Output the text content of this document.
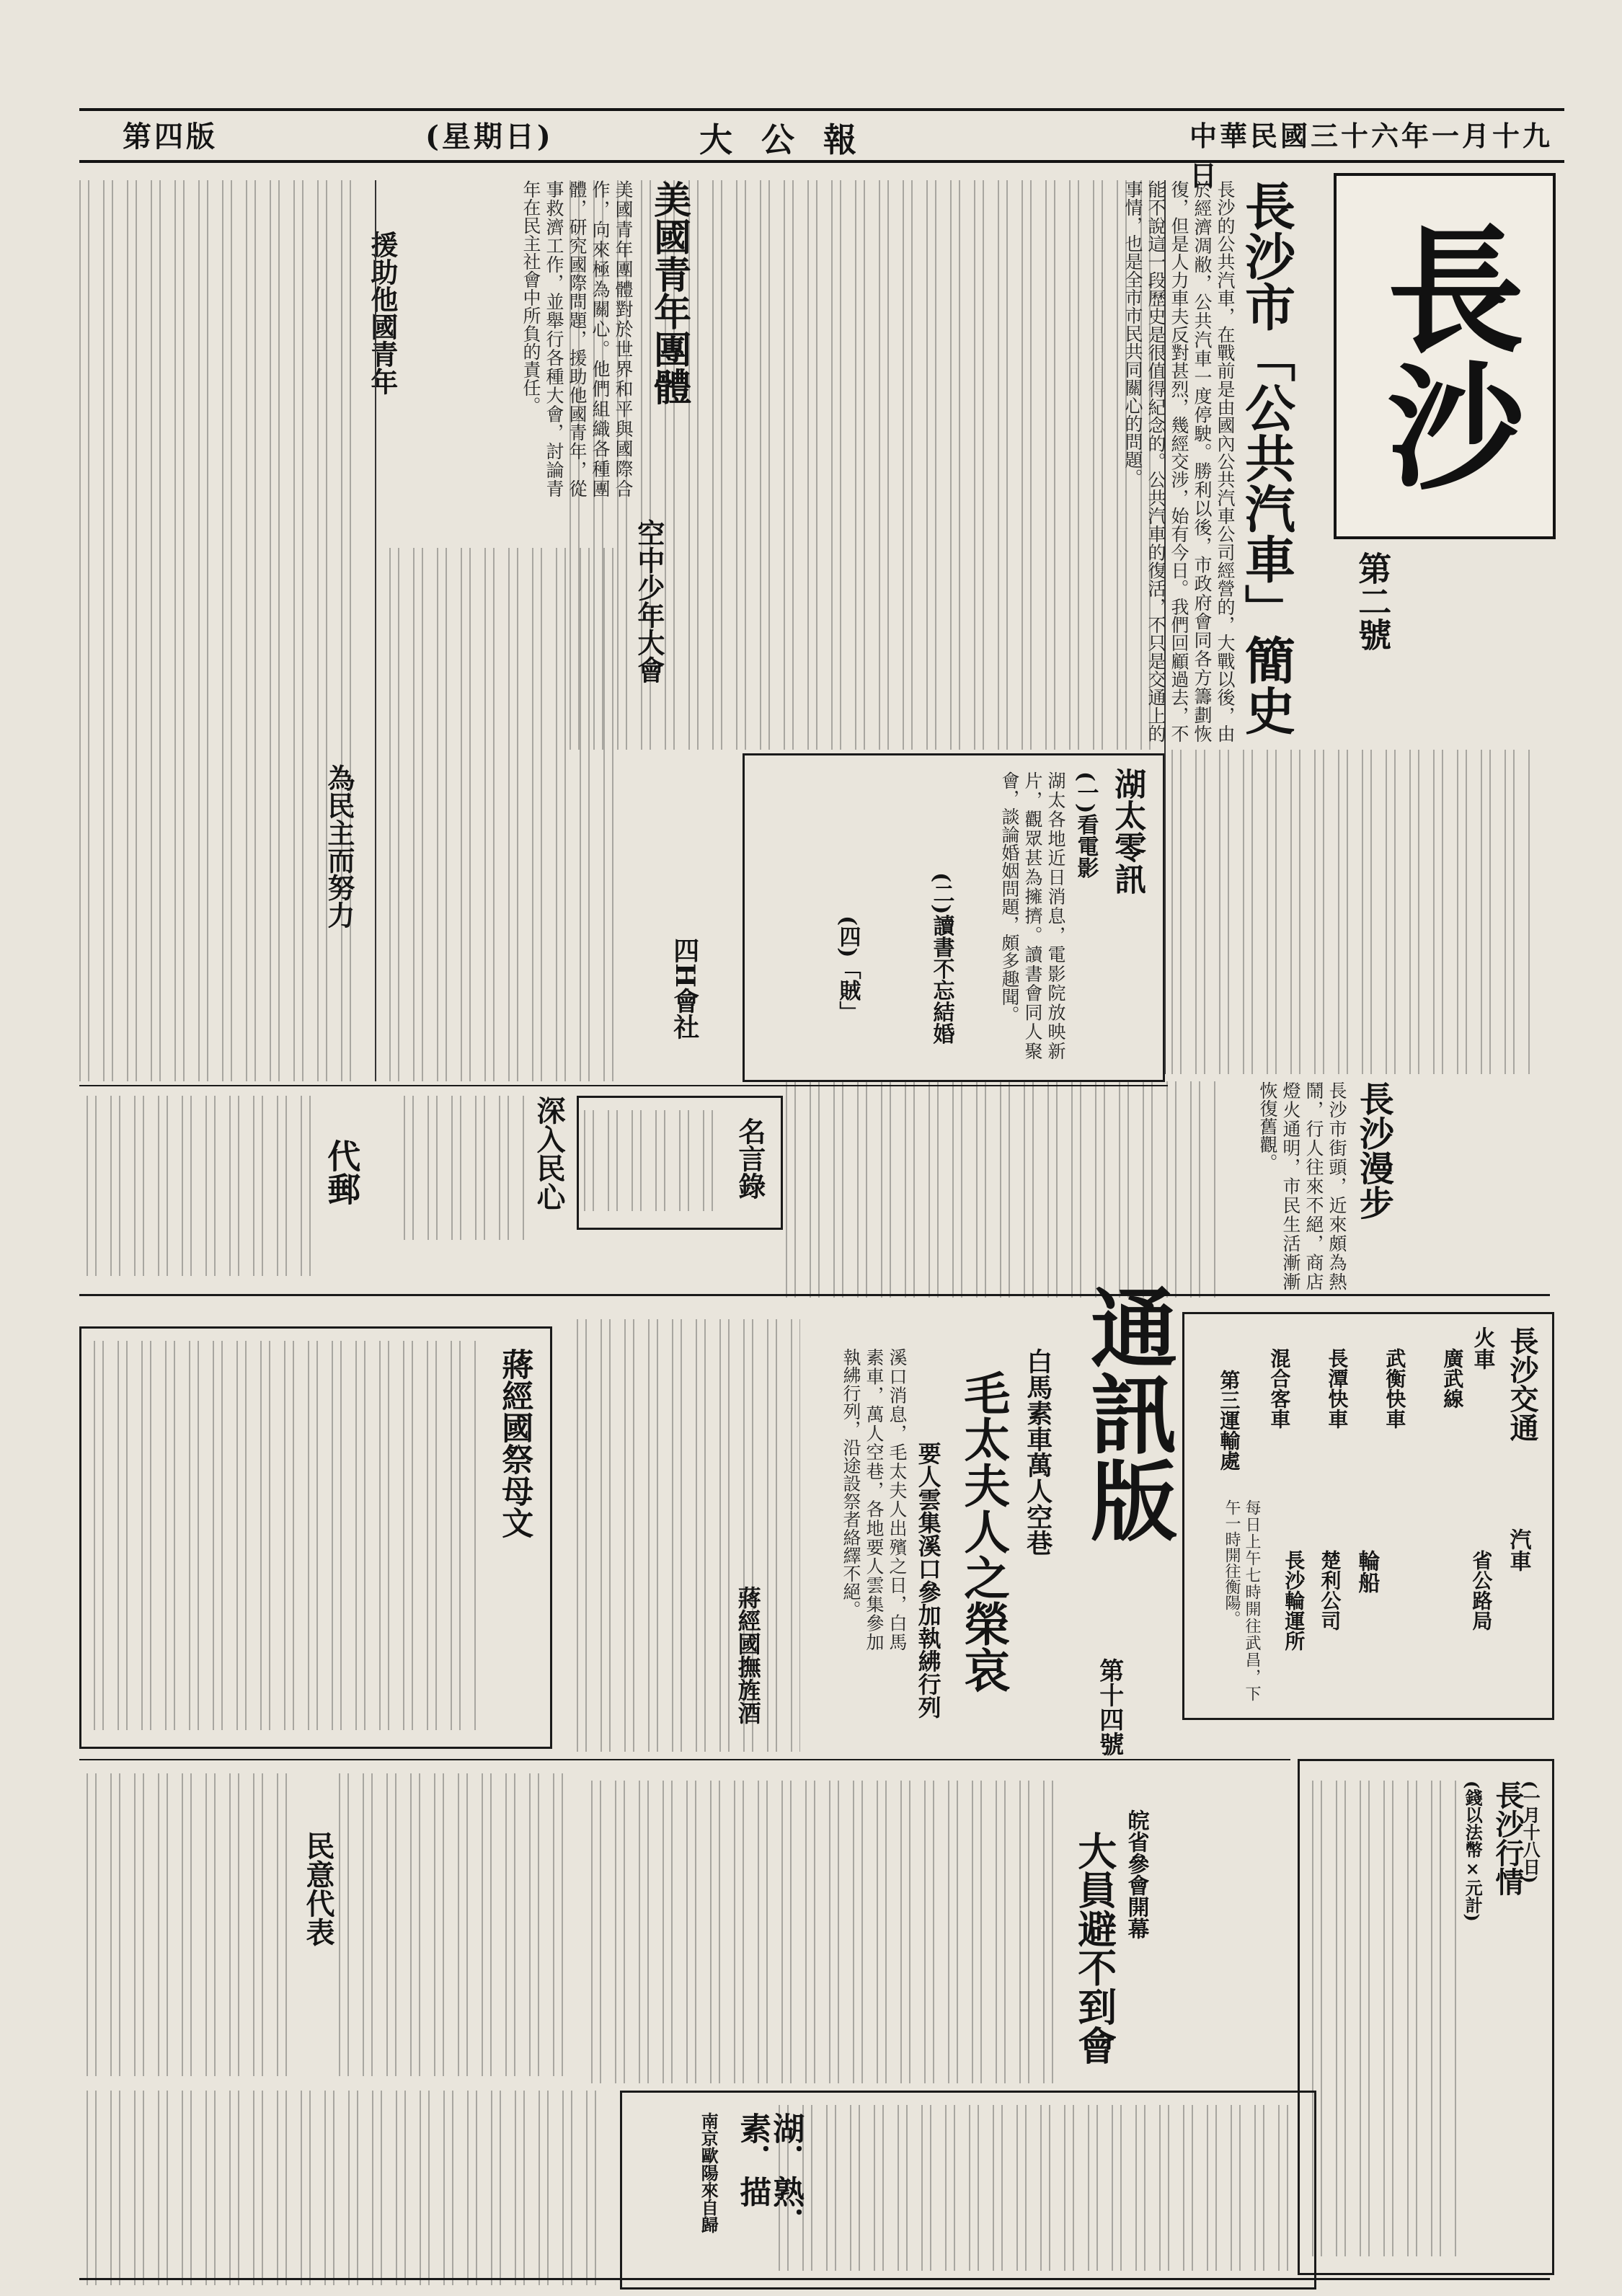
中華民國三十六年一月十九日
大公報
(星期日)
第四版
長沙
第二號
長沙市「公共汽車」簡史
長沙的公共汽車，在戰前是由國內公共汽車公司經營的，大戰以後，由於經濟凋敝，公共汽車一度停駛。勝利以後，市政府會同各方籌劃恢復，但是人力車夫反對甚烈，幾經交涉，始有今日。我們回顧過去，不能不說這一段歷史是很值得紀念的。公共汽車的復活，不只是交通上的事情，也是全市市民共同關心的問題。
美國青年團體
援助他國青年
空中少年大會
為民主而努力
美國青年團體對於世界和平與國際合作，向來極為關心。他們組織各種團體，研究國際問題，援助他國青年，從事救濟工作，並舉行各種大會，討論青年在民主社會中所負的責任。
湖太零訊
(一)看電影
(二)讀書不忘結婚
(四)「賊」	湖太各地近日消息，電影院放映新片，觀眾甚為擁擠。讀書會同人聚會，談論婚姻問題，頗多趣聞。
四H會社
長沙漫步
長沙市街頭，近來頗為熱鬧，行人往來不絕，商店燈火通明，市民生活漸漸恢復舊觀。
名言錄
深入民心
代郵
通訊版
第十四號
白馬素車萬人空巷
毛太夫人之榮哀
要人雲集溪口參加執紼行列
溪口消息，毛太夫人出殯之日，白馬素車，萬人空巷，各地要人雲集參加執紼行列，沿途設祭者絡繹不絕。
蔣經國撫旌酒
長沙交通
火車
廣武線
武衡快車
長潭快車
混合客車
第三運輸處
汽車
省公路局
輪船
楚利公司
長沙輪運所
每日上午七時開往武昌，下午一時開往衡陽。
蔣經國祭母文
大員避不到會 皖省參會開幕	長沙行情
(一月十八日)
(錢以法幣×元計)
民意代表
湖．熟．素．描
南京歐陽來自歸
